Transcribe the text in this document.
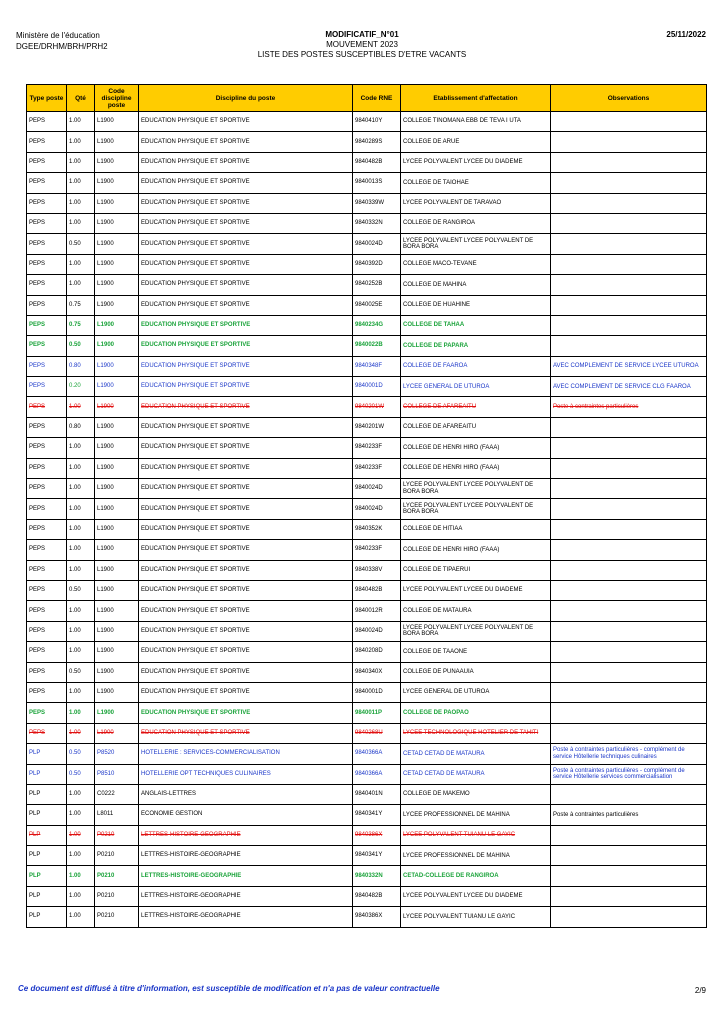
Ministère de l'éducation
DGEE/DRHM/BRH/PRH2
MODIFICATIF_N°01
MOUVEMENT 2023
LISTE DES POSTES SUSCEPTIBLES D'ETRE VACANTS
25/11/2022
Type poste	Qté	Code discipline poste	Discipline du poste	Code RNE	Etablissement d'affectation	Observations
PEPS	1.00	L1900	EDUCATION PHYSIQUE ET SPORTIVE	9840410Y	COLLEGE TINOMANA EBB DE TEVA I UTA	
PEPS	1.00	L1900	EDUCATION PHYSIQUE ET SPORTIVE	9840289S	COLLEGE DE ARUE	
PEPS	1.00	L1900	EDUCATION PHYSIQUE ET SPORTIVE	9840482B	LYCEE POLYVALENT LYCEE DU DIADEME	
PEPS	1.00	L1900	EDUCATION PHYSIQUE ET SPORTIVE	9840013S	COLLEGE DE TAIOHAE	
PEPS	1.00	L1900	EDUCATION PHYSIQUE ET SPORTIVE	9840339W	LYCEE POLYVALENT DE TARAVAO	
PEPS	1.00	L1900	EDUCATION PHYSIQUE ET SPORTIVE	9840332N	COLLEGE DE RANGIROA	
PEPS	0.50	L1900	EDUCATION PHYSIQUE ET SPORTIVE	9840024D	LYCEE POLYVALENT LYCEE POLYVALENT DE BORA BORA	
PEPS	1.00	L1900	EDUCATION PHYSIQUE ET SPORTIVE	9840392D	COLLEGE MACO-TEVANE	
PEPS	1.00	L1900	EDUCATION PHYSIQUE ET SPORTIVE	9840252B	COLLEGE DE MAHINA	
PEPS	0.75	L1900	EDUCATION PHYSIQUE ET SPORTIVE	9840025E	COLLEGE DE HUAHINE	
PEPS	0.75	L1900	EDUCATION PHYSIQUE ET SPORTIVE	9840234G	COLLEGE DE TAHAA	
PEPS	0.50	L1900	EDUCATION PHYSIQUE ET SPORTIVE	9840022B	COLLEGE DE PAPARA	
PEPS	0.80	L1900	EDUCATION PHYSIQUE ET SPORTIVE	9840348F	COLLEGE DE FAAROA	AVEC COMPLEMENT DE SERVICE LYCEE UTUROA
PEPS	0.20	L1900	EDUCATION PHYSIQUE ET SPORTIVE	9840001D	LYCEE GENERAL DE UTUROA	AVEC COMPLEMENT DE SERVICE CLG FAAROA
PEPS	1.00	L1900	EDUCATION PHYSIQUE ET SPORTIVE	9840201W	COLLEGE DE AFAREAITU	Poste à contraintes particulières
PEPS	0.80	L1900	EDUCATION PHYSIQUE ET SPORTIVE	9840201W	COLLEGE DE AFAREAITU	
PEPS	1.00	L1900	EDUCATION PHYSIQUE ET SPORTIVE	9840233F	COLLEGE DE HENRI HIRO (FAAA)	
PEPS	1.00	L1900	EDUCATION PHYSIQUE ET SPORTIVE	9840233F	COLLEGE DE HENRI HIRO (FAAA)	
PEPS	1.00	L1900	EDUCATION PHYSIQUE ET SPORTIVE	9840024D	LYCEE POLYVALENT LYCEE POLYVALENT DE BORA BORA	
PEPS	1.00	L1900	EDUCATION PHYSIQUE ET SPORTIVE	9840024D	LYCEE POLYVALENT LYCEE POLYVALENT DE BORA BORA	
PEPS	1.00	L1900	EDUCATION PHYSIQUE ET SPORTIVE	9840352K	COLLEGE DE HITIAA	
PEPS	1.00	L1900	EDUCATION PHYSIQUE ET SPORTIVE	9840233F	COLLEGE DE HENRI HIRO (FAAA)	
PEPS	1.00	L1900	EDUCATION PHYSIQUE ET SPORTIVE	9840338V	COLLEGE DE TIPAERUI	
PEPS	0.50	L1900	EDUCATION PHYSIQUE ET SPORTIVE	9840482B	LYCEE POLYVALENT LYCEE DU DIADEME	
PEPS	1.00	L1900	EDUCATION PHYSIQUE ET SPORTIVE	9840012R	COLLEGE DE MATAURA	
PEPS	1.00	L1900	EDUCATION PHYSIQUE ET SPORTIVE	9840024D	LYCEE POLYVALENT LYCEE POLYVALENT DE BORA BORA	
PEPS	1.00	L1900	EDUCATION PHYSIQUE ET SPORTIVE	9840208D	COLLEGE DE TAAONE	
PEPS	0.50	L1900	EDUCATION PHYSIQUE ET SPORTIVE	9840340X	COLLEGE DE PUNAAUIA	
PEPS	1.00	L1900	EDUCATION PHYSIQUE ET SPORTIVE	9840001D	LYCEE GENERAL DE UTUROA	
PEPS	1.00	L1900	EDUCATION PHYSIQUE ET SPORTIVE	9840011P	COLLEGE DE PAOPAO	
PEPS	1.00	L1900	EDUCATION PHYSIQUE ET SPORTIVE	9840268U	LYCEE TECHNOLOGIQUE HOTELIER DE TAHITI	
PLP	0.50	P8520	HOTELLERIE : SERVICES-COMMERCIALISATION	9840366A	CETAD CETAD DE MATAURA	Poste à contraintes particulières - complément de service Hôtellerie techniques culinaires
PLP	0.50	P8510	HOTELLERIE OPT TECHNIQUES CULINAIRES	9840366A	CETAD CETAD DE MATAURA	Poste à contraintes particulières - complément de service Hôtellerie services commercialisation
PLP	1.00	C0222	ANGLAIS-LETTRES	9840401N	COLLEGE DE MAKEMO	
PLP	1.00	L8011	ECONOMIE GESTION	9840341Y	LYCEE PROFESSIONNEL DE MAHINA	Poste à contraintes particulières
PLP	1.00	P0210	LETTRES-HISTOIRE-GEOGRAPHIE	9840386X	LYCEE POLYVALENT TUIANU LE GAYIC	
PLP	1.00	P0210	LETTRES-HISTOIRE-GEOGRAPHIE	9840341Y	LYCEE PROFESSIONNEL DE MAHINA	
PLP	1.00	P0210	LETTRES-HISTOIRE-GEOGRAPHIE	9840332N	CETAD-COLLEGE DE RANGIROA	
PLP	1.00	P0210	LETTRES-HISTOIRE-GEOGRAPHIE	9840482B	LYCEE POLYVALENT LYCEE DU DIADEME	
PLP	1.00	P0210	LETTRES-HISTOIRE-GEOGRAPHIE	9840386X	LYCEE POLYVALENT TUIANU LE GAYIC	
Ce document est diffusé à titre d'information, est susceptible de modification et n'a pas de valeur contractuelle	2/9
